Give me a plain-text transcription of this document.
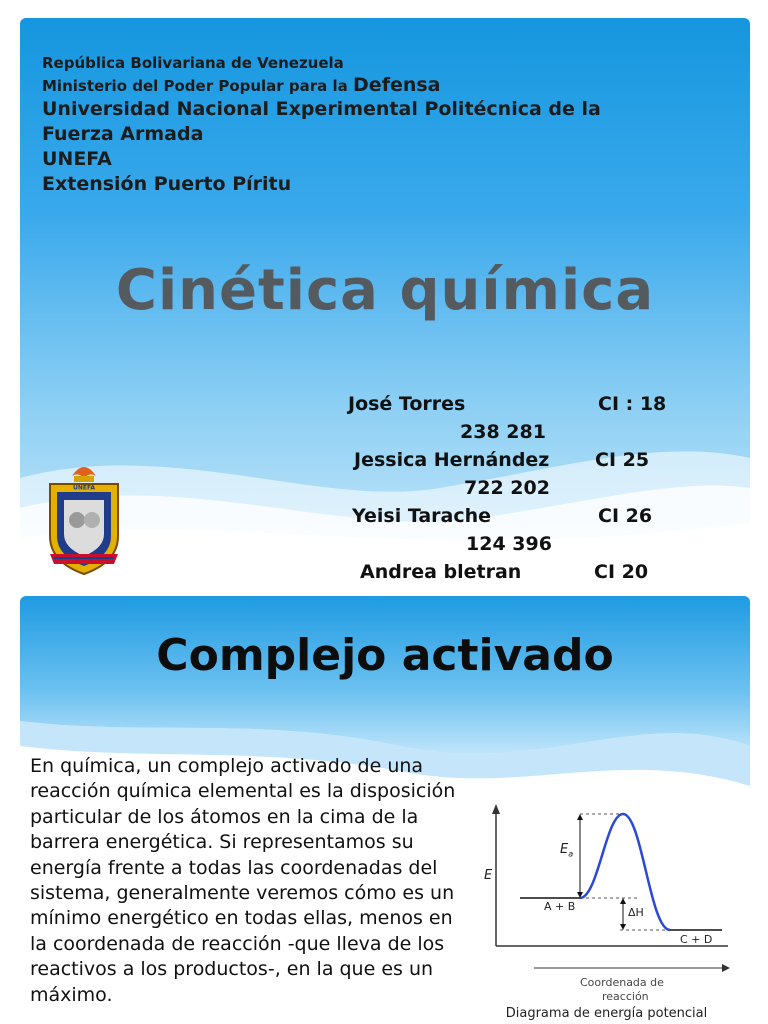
República Bolivariana de Venezuela
Ministerio del Poder Popular para la Defensa
Universidad Nacional Experimental Politécnica de la
Fuerza Armada
UNEFA
Extensión Puerto Píritu
Cinética química
José Torres	CI : 18
238 281
Jessica Hernández CI 25
722 202
Yeisi Tarache	CI 26
124 396
Andrea bletran	CI 20
UNEFA
Complejo activado
En química, un complejo activado de una reacción química elemental es la disposición particular de los átomos en la cima de la barrera energética. Si representamos su energía frente a todas las coordenadas del sistema, generalmente veremos cómo es un mínimo energético en todas ellas, menos en la coordenada de reacción -que lleva de los reactivos a los productos-, en la que es un máximo.
E
$E_a$
A + B	ΔH
C + D
Coordenada de
reacción
Diagrama de energía potencial
